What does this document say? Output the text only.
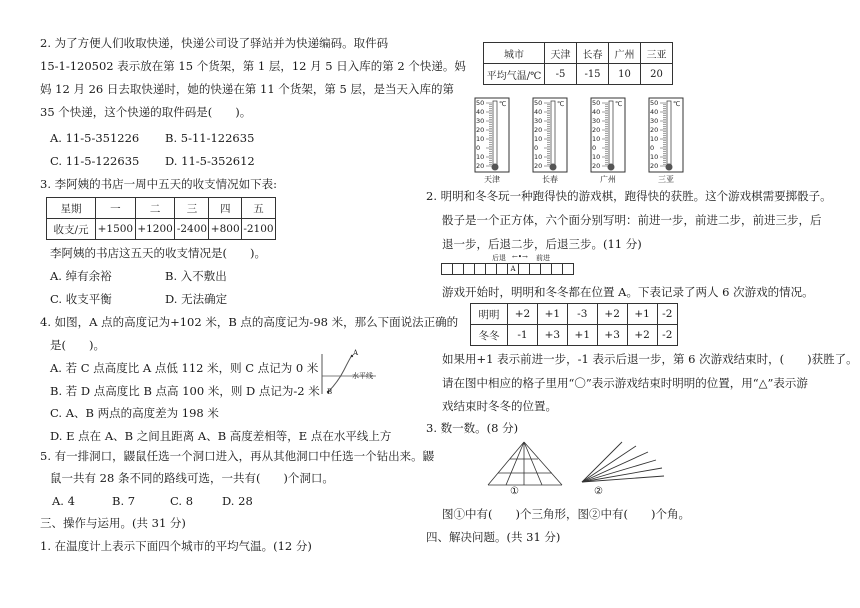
2. 为了方便人们收取快递，快递公司设了驿站并为快递编码。取件码
15-1-120502 表示放在第 15 个货架，第 1 层，12 月 5 日入库的第 2 个快递。妈
妈 12 月 26 日去取快递时，她的快递在第 11 个货架，第 5 层，是当天入库的第
35 个快递，这个快递的取件码是(　　)。
A. 11-5-351226 B. 5-11-122635
C. 11-5-122635 D. 11-5-352612
3. 李阿姨的书店一周中五天的收支情况如下表:
星期	一	二	三	四	五
收支/元	+1500	+1200	-2400	+800	-2100
李阿姨的书店这五天的收支情况是(　　)。
A. 绰有余裕	B. 入不敷出
C. 收支平衡	D. 无法确定
4. 如图，A 点的高度记为+102 米，B 点的高度记为-98 米，那么下面说法正确的
是(　　)。
A. 若 C 点高度比 A 点低 112 米，则 C 点记为 0 米
B. 若 D 点高度比 B 点高 100 米，则 D 点记为-2 米
C. A、B 两点的高度差为 198 米
D. E 点在 A、B 之间且距离 A、B 高度差相等，E 点在水平线上方
A
B
水平线
5. 有一排洞口，鼹鼠任选一个洞口进入，再从其他洞口中任选一个钻出来。鼹
鼠一共有 28 条不同的路线可选，一共有(　　)个洞口。
A. 4	B. 7	C. 8	D. 28
三、操作与运用。(共 31 分)
1. 在温度计上表示下面四个城市的平均气温。(12 分)
城市	天津	长春	广州	三亚
平均气温/℃	-5	-15	10	20
50
40
30
20
10
0
10
20
℃
天津
50
40
30
20
10
0
10
20
℃
长春
50
40
30
20
10
0
10
20
℃
广州
50
40
30
20
10
0
10
20
℃
三亚
2. 明明和冬冬玩一种跑得快的游戏棋，跑得快的获胜。这个游戏棋需要掷骰子。
骰子是一个正方体，六个面分别写明：前进一步，前进二步，前进三步，后
退一步，后退二步，后退三步。(11 分)
后退 ←•→ 前进
A
游戏开始时，明明和冬冬都在位置 A。下表记录了两人 6 次游戏的情况。
明明	+2	+1	-3	+2	+1	-2
冬冬	-1	+3	+1	+3	+2	-2
如果用+1 表示前进一步，-1 表示后退一步，第 6 次游戏结束时，(　　)获胜了。
请在图中相应的格子里用“〇”表示游戏结束时明明的位置，用“△”表示游
戏结束时冬冬的位置。
3. 数一数。(8 分)
①	②
图①中有(　　)个三角形，图②中有(　　)个角。
四、解决问题。(共 31 分)
